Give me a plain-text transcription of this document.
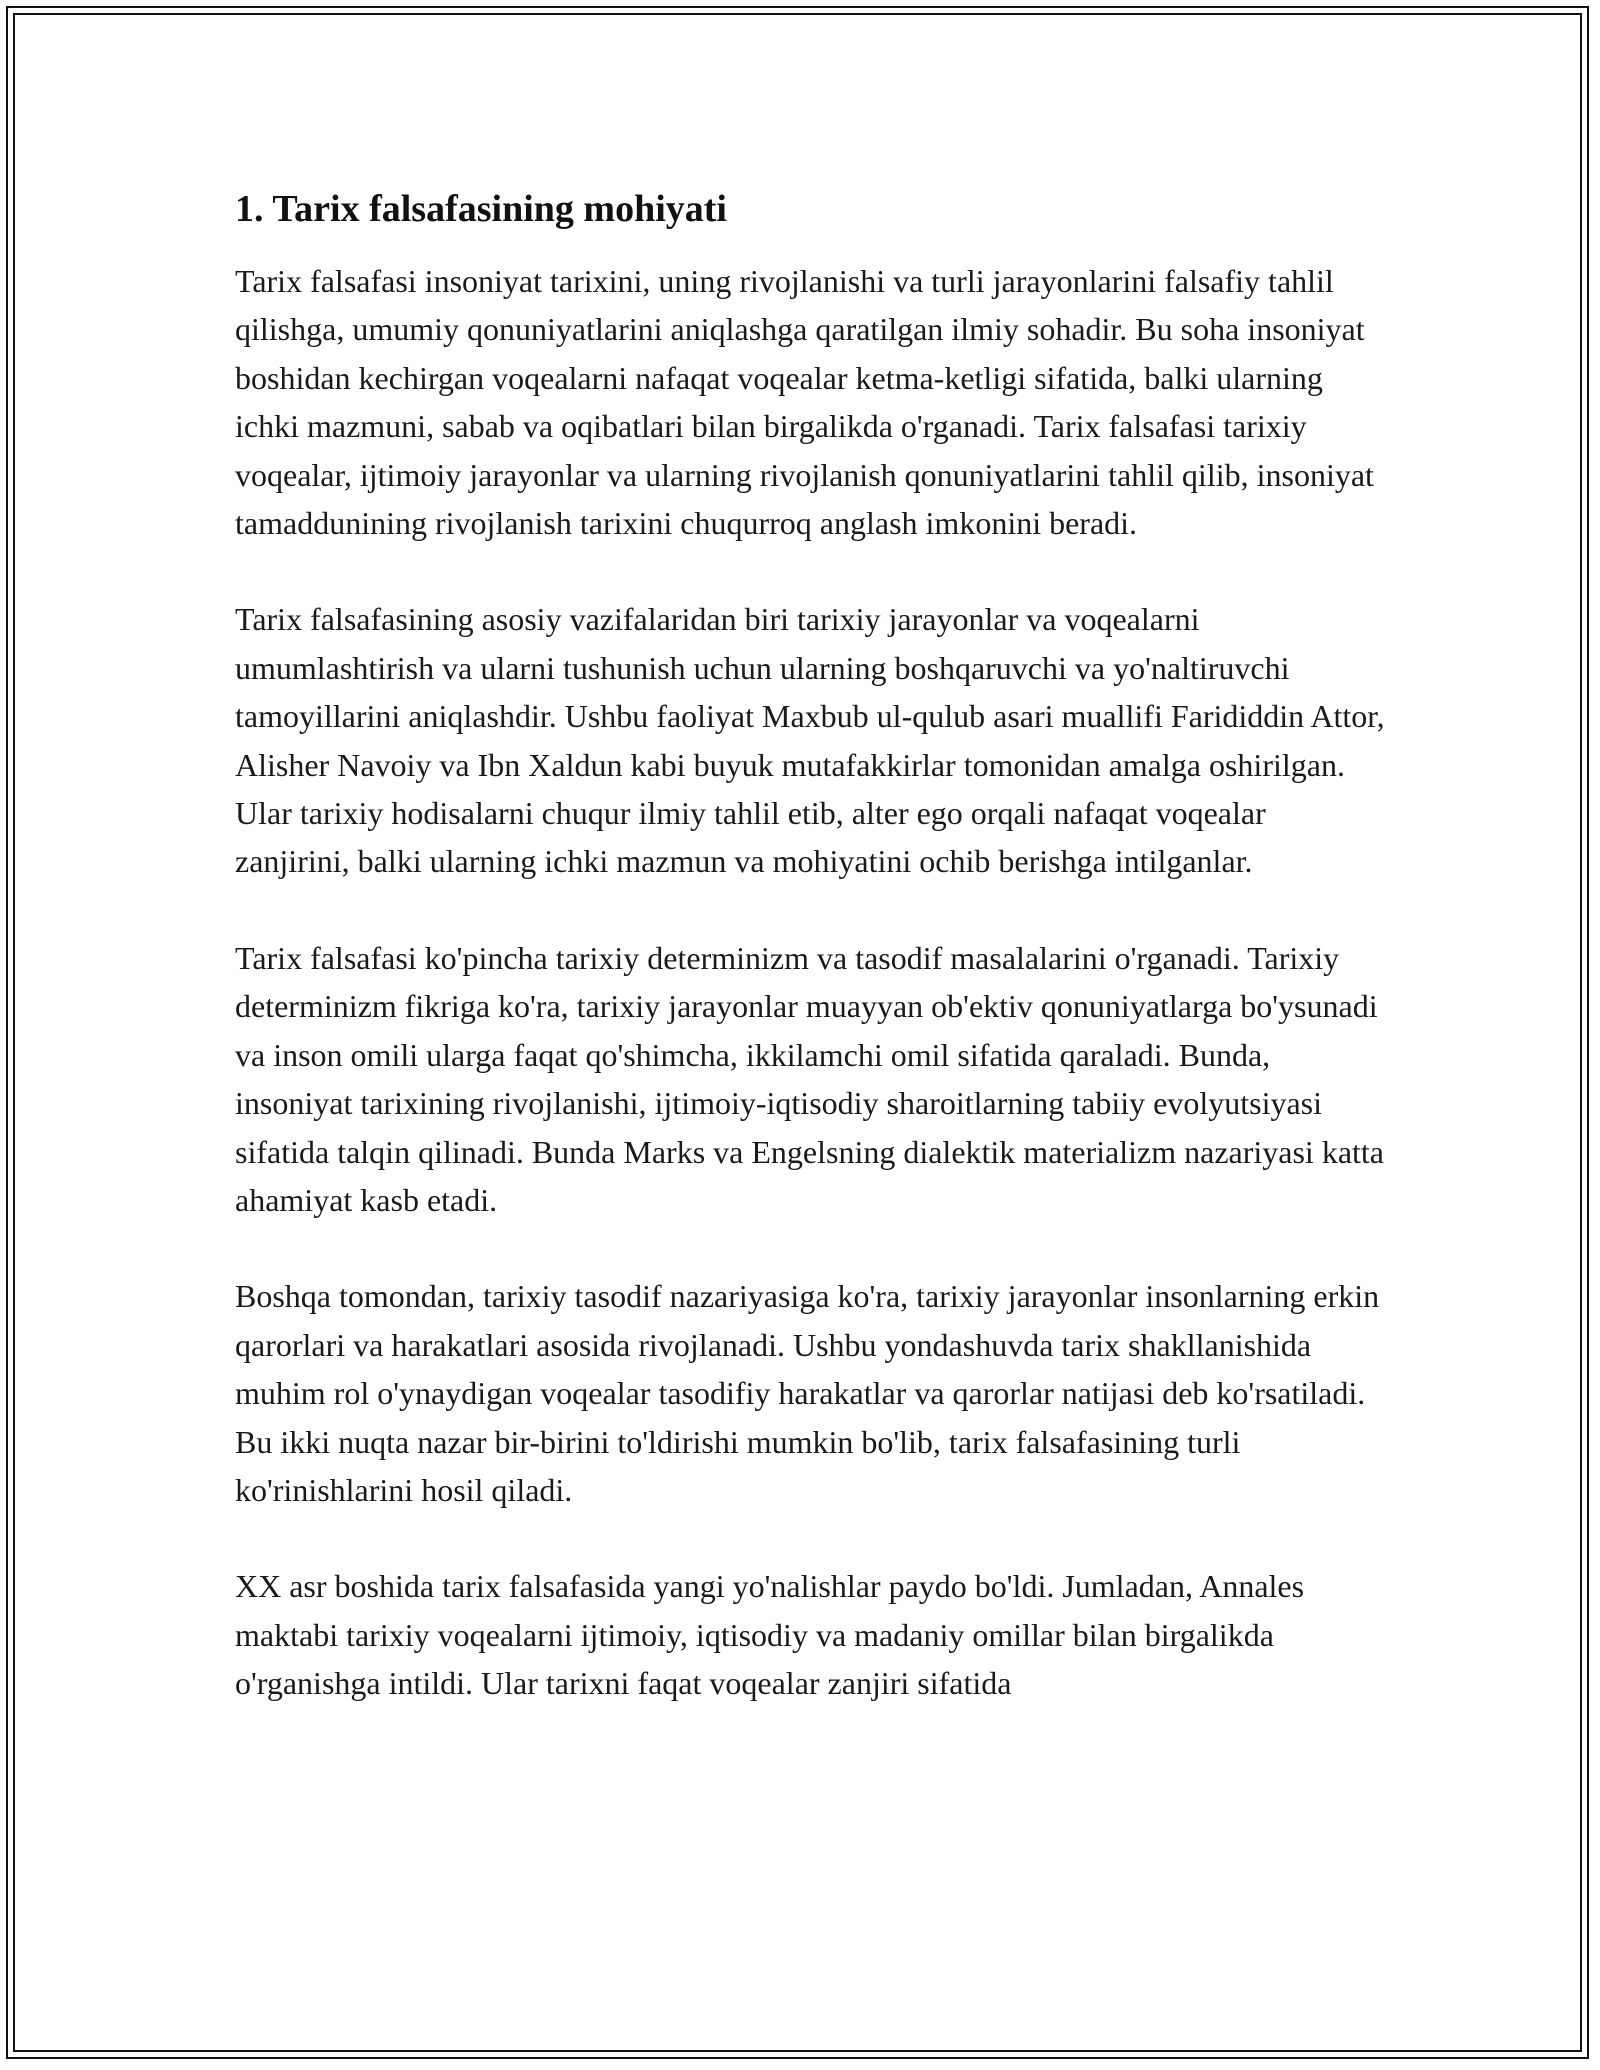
1. Tarix falsafasining mohiyati

Tarix falsafasi insoniyat tarixini, uning rivojlanishi va turli jarayonlarini falsafiy tahlil qilishga, umumiy qonuniyatlarini aniqlashga qaratilgan ilmiy sohadir. Bu soha insoniyat boshidan kechirgan voqealarni nafaqat voqealar ketma-ketligi sifatida, balki ularning ichki mazmuni, sabab va oqibatlari bilan birgalikda o'rganadi. Tarix falsafasi tarixiy voqealar, ijtimoiy jarayonlar va ularning rivojlanish qonuniyatlarini tahlil qilib, insoniyat tamaddunining rivojlanish tarixini chuqurroq anglash imkonini beradi.

Tarix falsafasining asosiy vazifalaridan biri tarixiy jarayonlar va voqealarni umumlashtirish va ularni tushunish uchun ularning boshqaruvchi va yo'naltiruvchi tamoyillarini aniqlashdir. Ushbu faoliyat Maxbub ul-qulub asari muallifi Farididdin Attor, Alisher Navoiy va Ibn Xaldun kabi buyuk mutafakkirlar tomonidan amalga oshirilgan. Ular tarixiy hodisalarni chuqur ilmiy tahlil etib, alter ego orqali nafaqat voqealar zanjirini, balki ularning ichki mazmun va mohiyatini ochib berishga intilganlar.

Tarix falsafasi ko'pincha tarixiy determinizm va tasodif masalalarini o'rganadi. Tarixiy determinizm fikriga ko'ra, tarixiy jarayonlar muayyan ob'ektiv qonuniyatlarga bo'ysunadi va inson omili ularga faqat qo'shimcha, ikkilamchi omil sifatida qaraladi. Bunda, insoniyat tarixining rivojlanishi, ijtimoiy-iqtisodiy sharoitlarning tabiiy evolyutsiyasi sifatida talqin qilinadi. Bunda Marks va Engelsning dialektik materializm nazariyasi katta ahamiyat kasb etadi.

Boshqa tomondan, tarixiy tasodif nazariyasiga ko'ra, tarixiy jarayonlar insonlarning erkin qarorlari va harakatlari asosida rivojlanadi. Ushbu yondashuvda tarix shakllanishida muhim rol o'ynaydigan voqealar tasodifiy harakatlar va qarorlar natijasi deb ko'rsatiladi. Bu ikki nuqta nazar bir-birini to'ldirishi mumkin bo'lib, tarix falsafasining turli ko'rinishlarini hosil qiladi.

XX asr boshida tarix falsafasida yangi yo'nalishlar paydo bo'ldi. Jumladan, Annales maktabi tarixiy voqealarni ijtimoiy, iqtisodiy va madaniy omillar bilan birgalikda o'rganishga intildi. Ular tarixni faqat voqealar zanjiri sifatida
